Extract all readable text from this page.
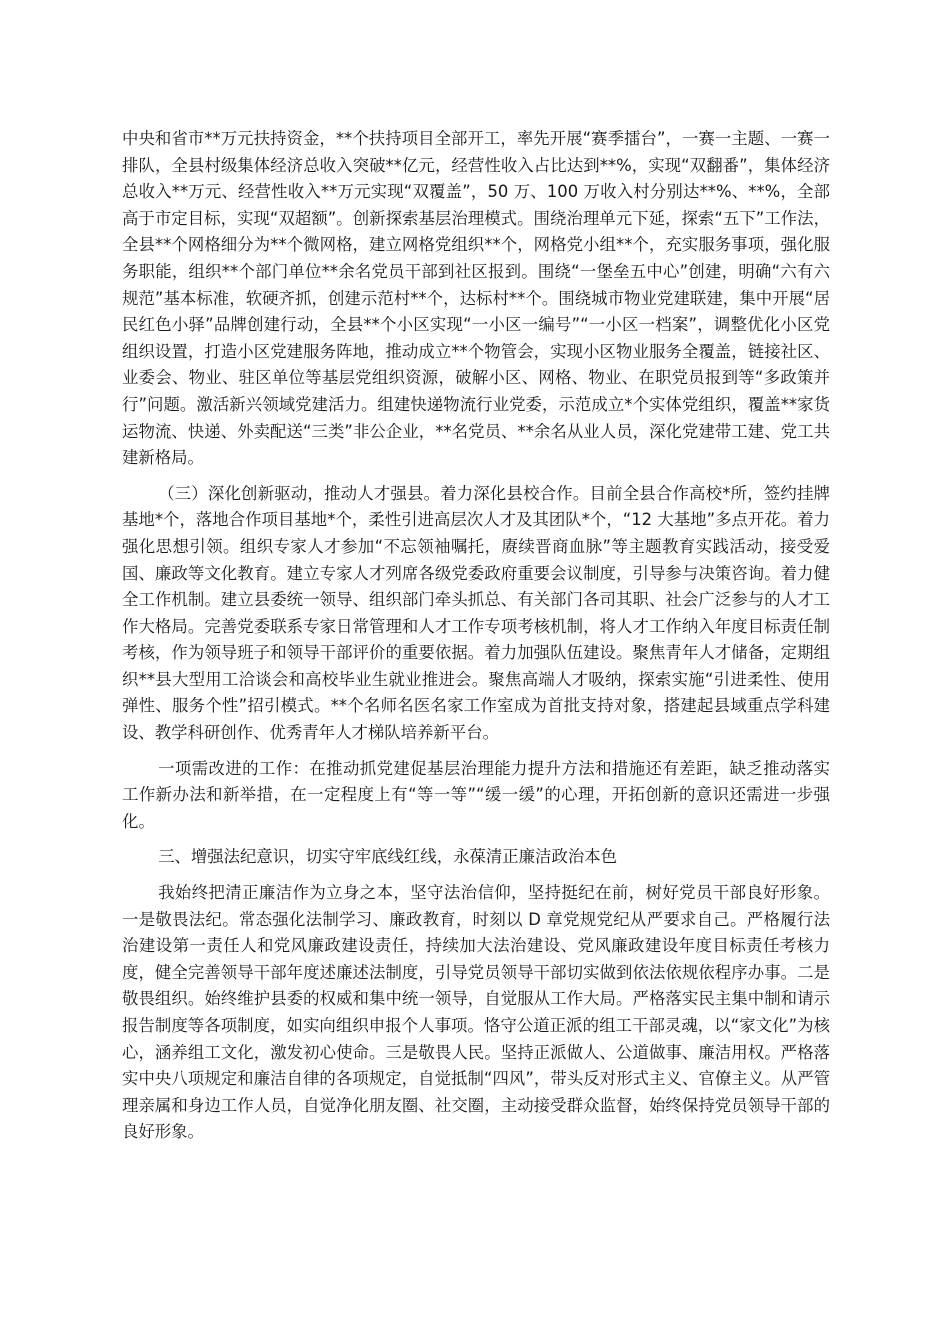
中央和省市**万元扶持资金，**个扶持项目全部开工，率先开展“赛季擂台”，一赛一主题、一赛一排队，全县村级集体经济总收入突破**亿元，经营性收入占比达到**%，实现“双翻番”，集体经济总收入**万元、经营性收入**万元实现“双覆盖”，50 万、100 万收入村分别达**%、**%，全部高于市定目标，实现“双超额”。创新探索基层治理模式。围绕治理单元下延，探索“五下”工作法，全县**个网格细分为**个微网格，建立网格党组织**个，网格党小组**个，充实服务事项，强化服务职能，组织**个部门单位**余名党员干部到社区报到。围绕“一堡垒五中心”创建，明确“六有六规范”基本标准，软硬齐抓，创建示范村**个，达标村**个。围绕城市物业党建联建，集中开展“居民红色小驿”品牌创建行动，全县**个小区实现“一小区一编号”“一小区一档案”，调整优化小区党组织设置，打造小区党建服务阵地，推动成立**个物管会，实现小区物业服务全覆盖，链接社区、业委会、物业、驻区单位等基层党组织资源，破解小区、网格、物业、在职党员报到等“多政策并行”问题。激活新兴领域党建活力。组建快递物流行业党委，示范成立*个实体党组织，覆盖**家货运物流、快递、外卖配送“三类”非公企业，**名党员、**余名从业人员，深化党建带工建、党工共建新格局。

（三）深化创新驱动，推动人才强县。着力深化县校合作。目前全县合作高校*所，签约挂牌基地*个，落地合作项目基地*个，柔性引进高层次人才及其团队*个，“12 大基地”多点开花。着力强化思想引领。组织专家人才参加“不忘领袖嘱托，赓续晋商血脉”等主题教育实践活动，接受爱国、廉政等文化教育。建立专家人才列席各级党委政府重要会议制度，引导参与决策咨询。着力健全工作机制。建立县委统一领导、组织部门牵头抓总、有关部门各司其职、社会广泛参与的人才工作大格局。完善党委联系专家日常管理和人才工作专项考核机制，将人才工作纳入年度目标责任制考核，作为领导班子和领导干部评价的重要依据。着力加强队伍建设。聚焦青年人才储备，定期组织**县大型用工洽谈会和高校毕业生就业推进会。聚焦高端人才吸纳，探索实施“引进柔性、使用弹性、服务个性”招引模式。**个名师名医名家工作室成为首批支持对象，搭建起县域重点学科建设、教学科研创作、优秀青年人才梯队培养新平台。

一项需改进的工作：在推动抓党建促基层治理能力提升方法和措施还有差距，缺乏推动落实工作新办法和新举措，在一定程度上有“等一等”“缓一缓”的心理，开拓创新的意识还需进一步强化。

三、增强法纪意识，切实守牢底线红线，永葆清正廉洁政治本色

我始终把清正廉洁作为立身之本，坚守法治信仰，坚持挺纪在前，树好党员干部良好形象。一是敬畏法纪。常态强化法制学习、廉政教育，时刻以 D 章党规党纪从严要求自己。严格履行法治建设第一责任人和党风廉政建设责任，持续加大法治建设、党风廉政建设年度目标责任考核力度，健全完善领导干部年度述廉述法制度，引导党员领导干部切实做到依法依规依程序办事。二是敬畏组织。始终维护县委的权威和集中统一领导，自觉服从工作大局。严格落实民主集中制和请示报告制度等各项制度，如实向组织申报个人事项。恪守公道正派的组工干部灵魂，以“家文化”为核心，涵养组工文化，激发初心使命。三是敬畏人民。坚持正派做人、公道做事、廉洁用权。严格落实中央八项规定和廉洁自律的各项规定，自觉抵制“四风”，带头反对形式主义、官僚主义。从严管理亲属和身边工作人员，自觉净化朋友圈、社交圈，主动接受群众监督，始终保持党员领导干部的良好形象。
